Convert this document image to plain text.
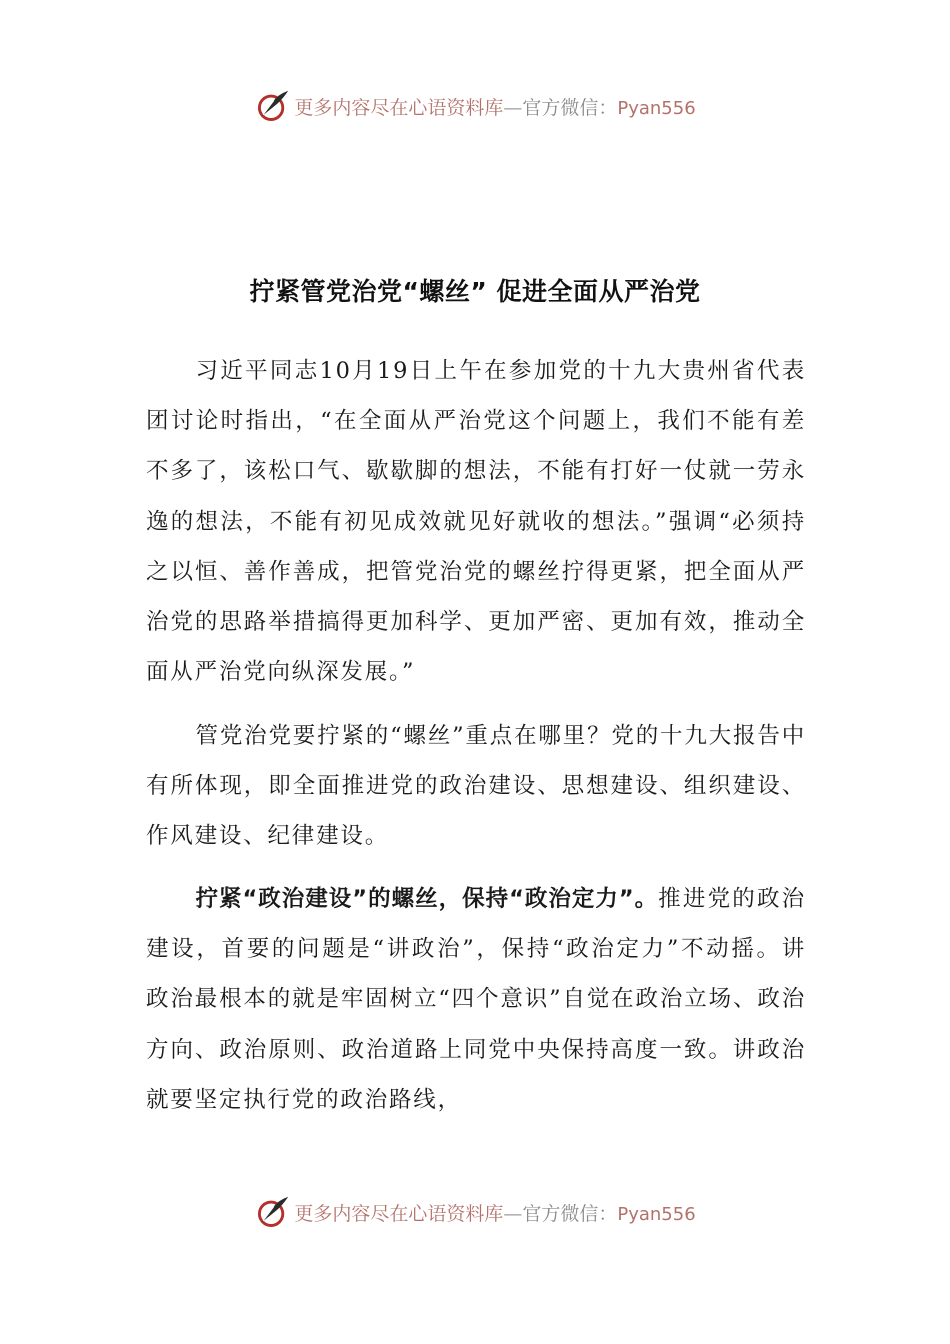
更多内容尽在心语资料库—官方微信：Pyan556
拧紧管党治党“螺丝” 促进全面从严治党

习近平同志10月19日上午在参加党的十九大贵州省代表团讨论时指出，“在全面从严治党这个问题上，我们不能有差不多了，该松口气、歇歇脚的想法，不能有打好一仗就一劳永逸的想法，不能有初见成效就见好就收的想法。”强调“必须持之以恒、善作善成，把管党治党的螺丝拧得更紧，把全面从严治党的思路举措搞得更加科学、更加严密、更加有效，推动全面从严治党向纵深发展。”

管党治党要拧紧的“螺丝”重点在哪里？党的十九大报告中有所体现，即全面推进党的政治建设、思想建设、组织建设、作风建设、纪律建设。

拧紧“政治建设”的螺丝，保持“政治定力”。推进党的政治建设，首要的问题是“讲政治”，保持“政治定力”不动摇。讲政治最根本的就是牢固树立“四个意识”自觉在政治立场、政治方向、政治原则、政治道路上同党中央保持高度一致。讲政治就要坚定执行党的政治路线，

更多内容尽在心语资料库—官方微信：Pyan556
